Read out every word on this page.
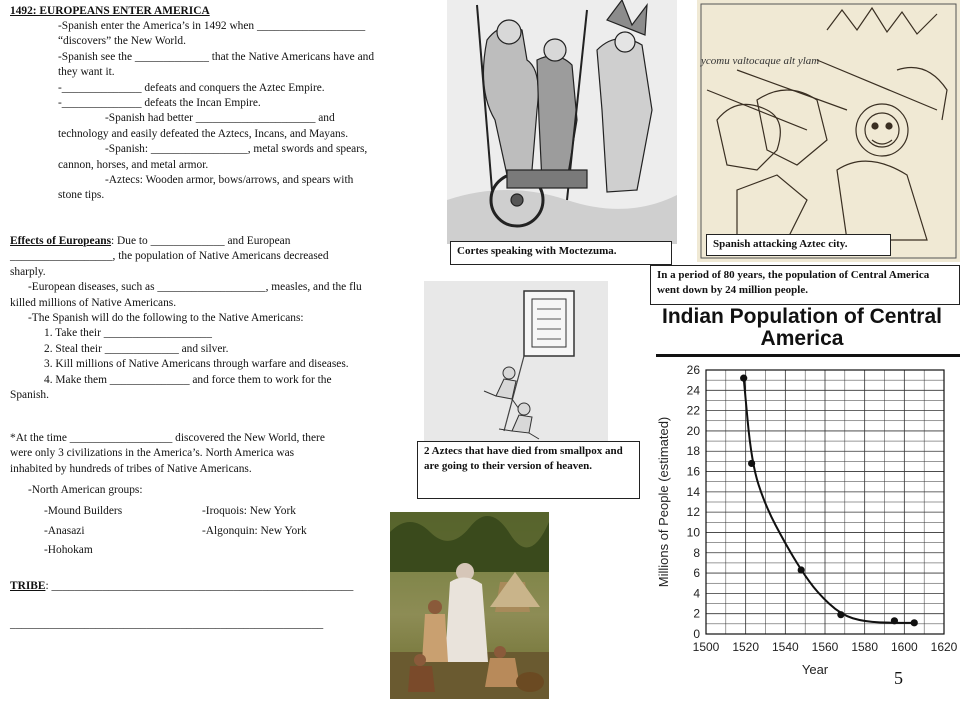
1492: EUROPEANS ENTER AMERICA
-Spanish enter the America’s in 1492 when ___________________
“discovers” the New World.
-Spanish see the _____________ that the Native Americans have and
they want it.
-______________ defeats and conquers the Aztec Empire.
-______________ defeats the Incan Empire.
-Spanish had better _____________________ and
technology and easily defeated the Aztecs, Incans, and Mayans.
-Spanish: _________________, metal swords and spears,
cannon, horses, and metal armor.
-Aztecs: Wooden armor, bows/arrows, and spears with
stone tips.
Effects of Europeans: Due to _____________ and European
__________________, the population of Native Americans decreased
sharply.
-European diseases, such as ___________________, measles, and the flu
killed millions of Native Americans.
-The Spanish will do the following to the Native Americans:
1. Take their ___________________
2. Steal their _____________ and silver.
3. Kill millions of Native Americans through warfare and diseases.
4. Make them ______________ and force them to work for the
Spanish.
*At the time __________________ discovered the New World, there
were only 3 civilizations in the America’s. North America was
inhabited by hundreds of tribes of Native Americans.
-North American groups:
-Mound Builders
-Anasazi
-Hohokam
-Iroquois: New York
-Algonquin: New York
TRIBE: _____________________________________________________
_______________________________________________________
Cortes speaking with Moctezuma.
ycomu valtocaque alt ylam
Spanish attacking Aztec city.
In a period of 80 years, the population of Central America went down by 24 million people.
2 Aztecs that have died from smallpox and are going to their version of heaven.
Indian Population of Central America
0
2
4
6
8
10
12
14
16
18
20
22
24
26
1500 1520 1540 1560 1580 1600 1620
Year
Millions of People (estimated)
5
